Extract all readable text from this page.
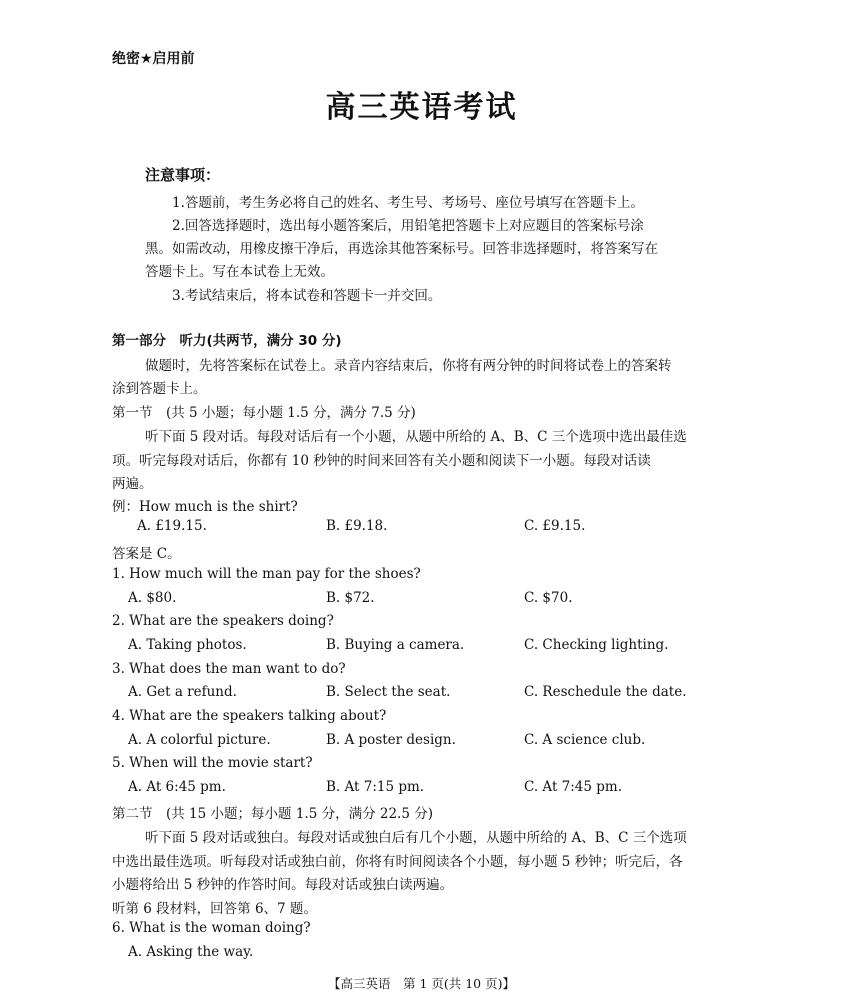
绝密★启用前
高三英语考试
注意事项：
1.答题前，考生务必将自己的姓名、考生号、考场号、座位号填写在答题卡上。
2.回答选择题时，选出每小题答案后，用铅笔把答题卡上对应题目的答案标号涂
黑。如需改动，用橡皮擦干净后，再选涂其他答案标号。回答非选择题时，将答案写在
答题卡上。写在本试卷上无效。
3.考试结束后，将本试卷和答题卡一并交回。
第一部分　听力(共两节，满分 30 分)
做题时，先将答案标在试卷上。录音内容结束后，你将有两分钟的时间将试卷上的答案转
涂到答题卡上。
第一节　(共 5 小题；每小题 1.5 分，满分 7.5 分)
听下面 5 段对话。每段对话后有一个小题，从题中所给的 A、B、C 三个选项中选出最佳选
项。听完每段对话后，你都有 10 秒钟的时间来回答有关小题和阅读下一小题。每段对话读
两遍。
例：How much is the shirt?
A. £19.15.	B. £9.18.	C. £9.15.
答案是 C。
1. How much will the man pay for the shoes?
A. $80.	B. $72.	C. $70.
2. What are the speakers doing?
A. Taking photos.	B. Buying a camera.	C. Checking lighting.
3. What does the man want to do?
A. Get a refund.	B. Select the seat.	C. Reschedule the date.
4. What are the speakers talking about?
A. A colorful picture.	B. A poster design.	C. A science club.
5. When will the movie start?
A. At 6:45 pm.	B. At 7:15 pm.	C. At 7:45 pm.
第二节　(共 15 小题；每小题 1.5 分，满分 22.5 分)
听下面 5 段对话或独白。每段对话或独白后有几个小题，从题中所给的 A、B、C 三个选项
中选出最佳选项。听每段对话或独白前，你将有时间阅读各个小题，每小题 5 秒钟；听完后，各
小题将给出 5 秒钟的作答时间。每段对话或独白读两遍。
听第 6 段材料，回答第 6、7 题。
6. What is the woman doing?
A. Asking the way.
【高三英语　第 1 页(共 10 页)】
